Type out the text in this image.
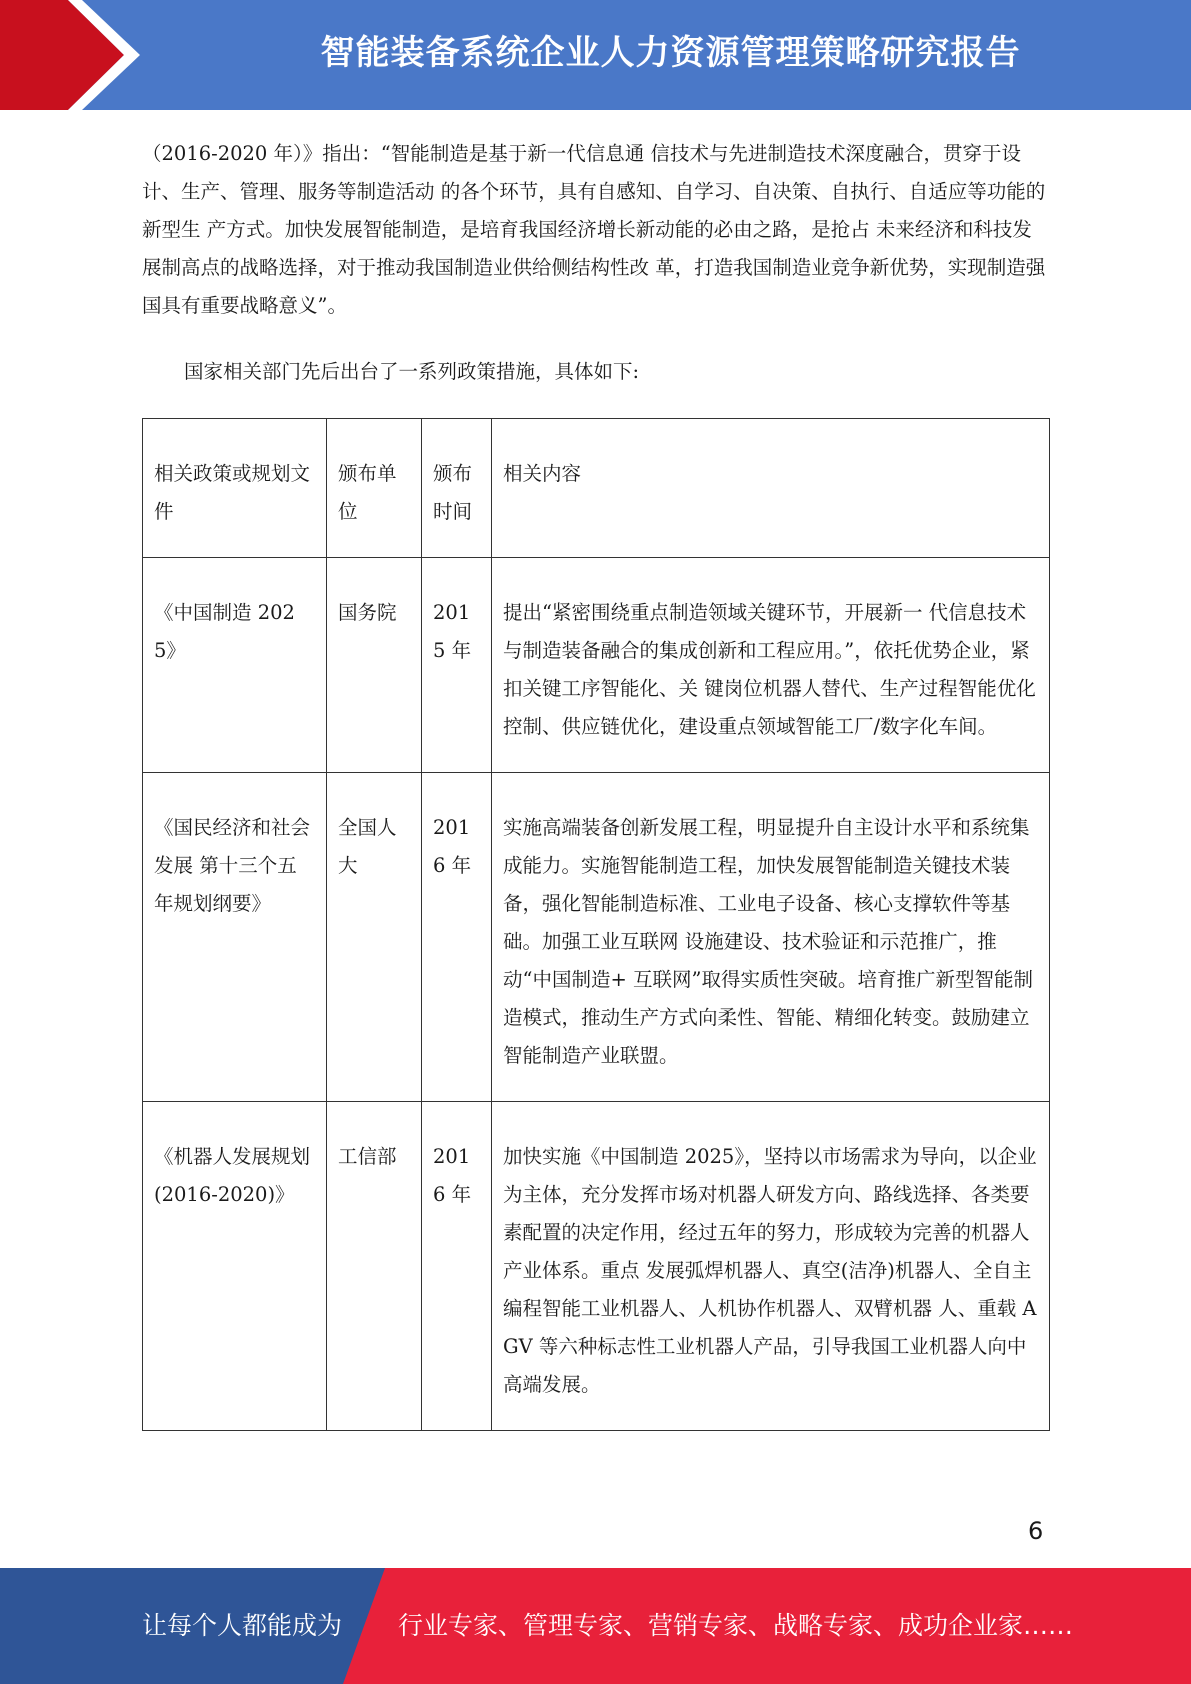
智能装备系统企业人力资源管理策略研究报告

（2016-2020 年）》指出：“智能制造是基于新一代信息通 信技术与先进制造技术深度融合，贯穿于设计、生产、管理、服务等制造活动 的各个环节，具有自感知、自学习、自决策、自执行、自适应等功能的新型生 产方式。加快发展智能制造，是培育我国经济增长新动能的必由之路，是抢占 未来经济和科技发展制高点的战略选择，对于推动我国制造业供给侧结构性改 革，打造我国制造业竞争新优势，实现制造强国具有重要战略意义”。

国家相关部门先后出台了一系列政策措施，具体如下:

相关政策或规划文件	颁布单位	颁布时间	相关内容
《中国制造 2025》	国务院	2015 年	提出“紧密围绕重点制造领域关键环节，开展新一 代信息技术与制造装备融合的集成创新和工程应用。”，依托优势企业，紧扣关键工序智能化、关 键岗位机器人替代、生产过程智能优化控制、供应链优化，建设重点领域智能工厂/数字化车间。
《国民经济和社会发展 第十三个五年规划纲要》	全国人大	2016 年	实施高端装备创新发展工程，明显提升自主设计水平和系统集成能力。实施智能制造工程，加快发展智能制造关键技术装备，强化智能制造标准、工业电子设备、核心支撑软件等基础。加强工业互联网 设施建设、技术验证和示范推广，推动“中国制造+ 互联网”取得实质性突破。培育推广新型智能制造模式，推动生产方式向柔性、智能、精细化转变。鼓励建立智能制造产业联盟。
《机器人发展规划(2016-2020)》	工信部	2016 年	加快实施《中国制造 2025》，坚持以市场需求为导向，以企业为主体，充分发挥市场对机器人研发方向、路线选择、各类要素配置的决定作用，经过五年的努力，形成较为完善的机器人产业体系。重点 发展弧焊机器人、真空(洁净)机器人、全自主编程智能工业机器人、人机协作机器人、双臂机器 人、重载 AGV 等六种标志性工业机器人产品，引导我国工业机器人向中高端发展。
6
让每个人都能成为 行业专家、管理专家、营销专家、战略专家、成功企业家……
